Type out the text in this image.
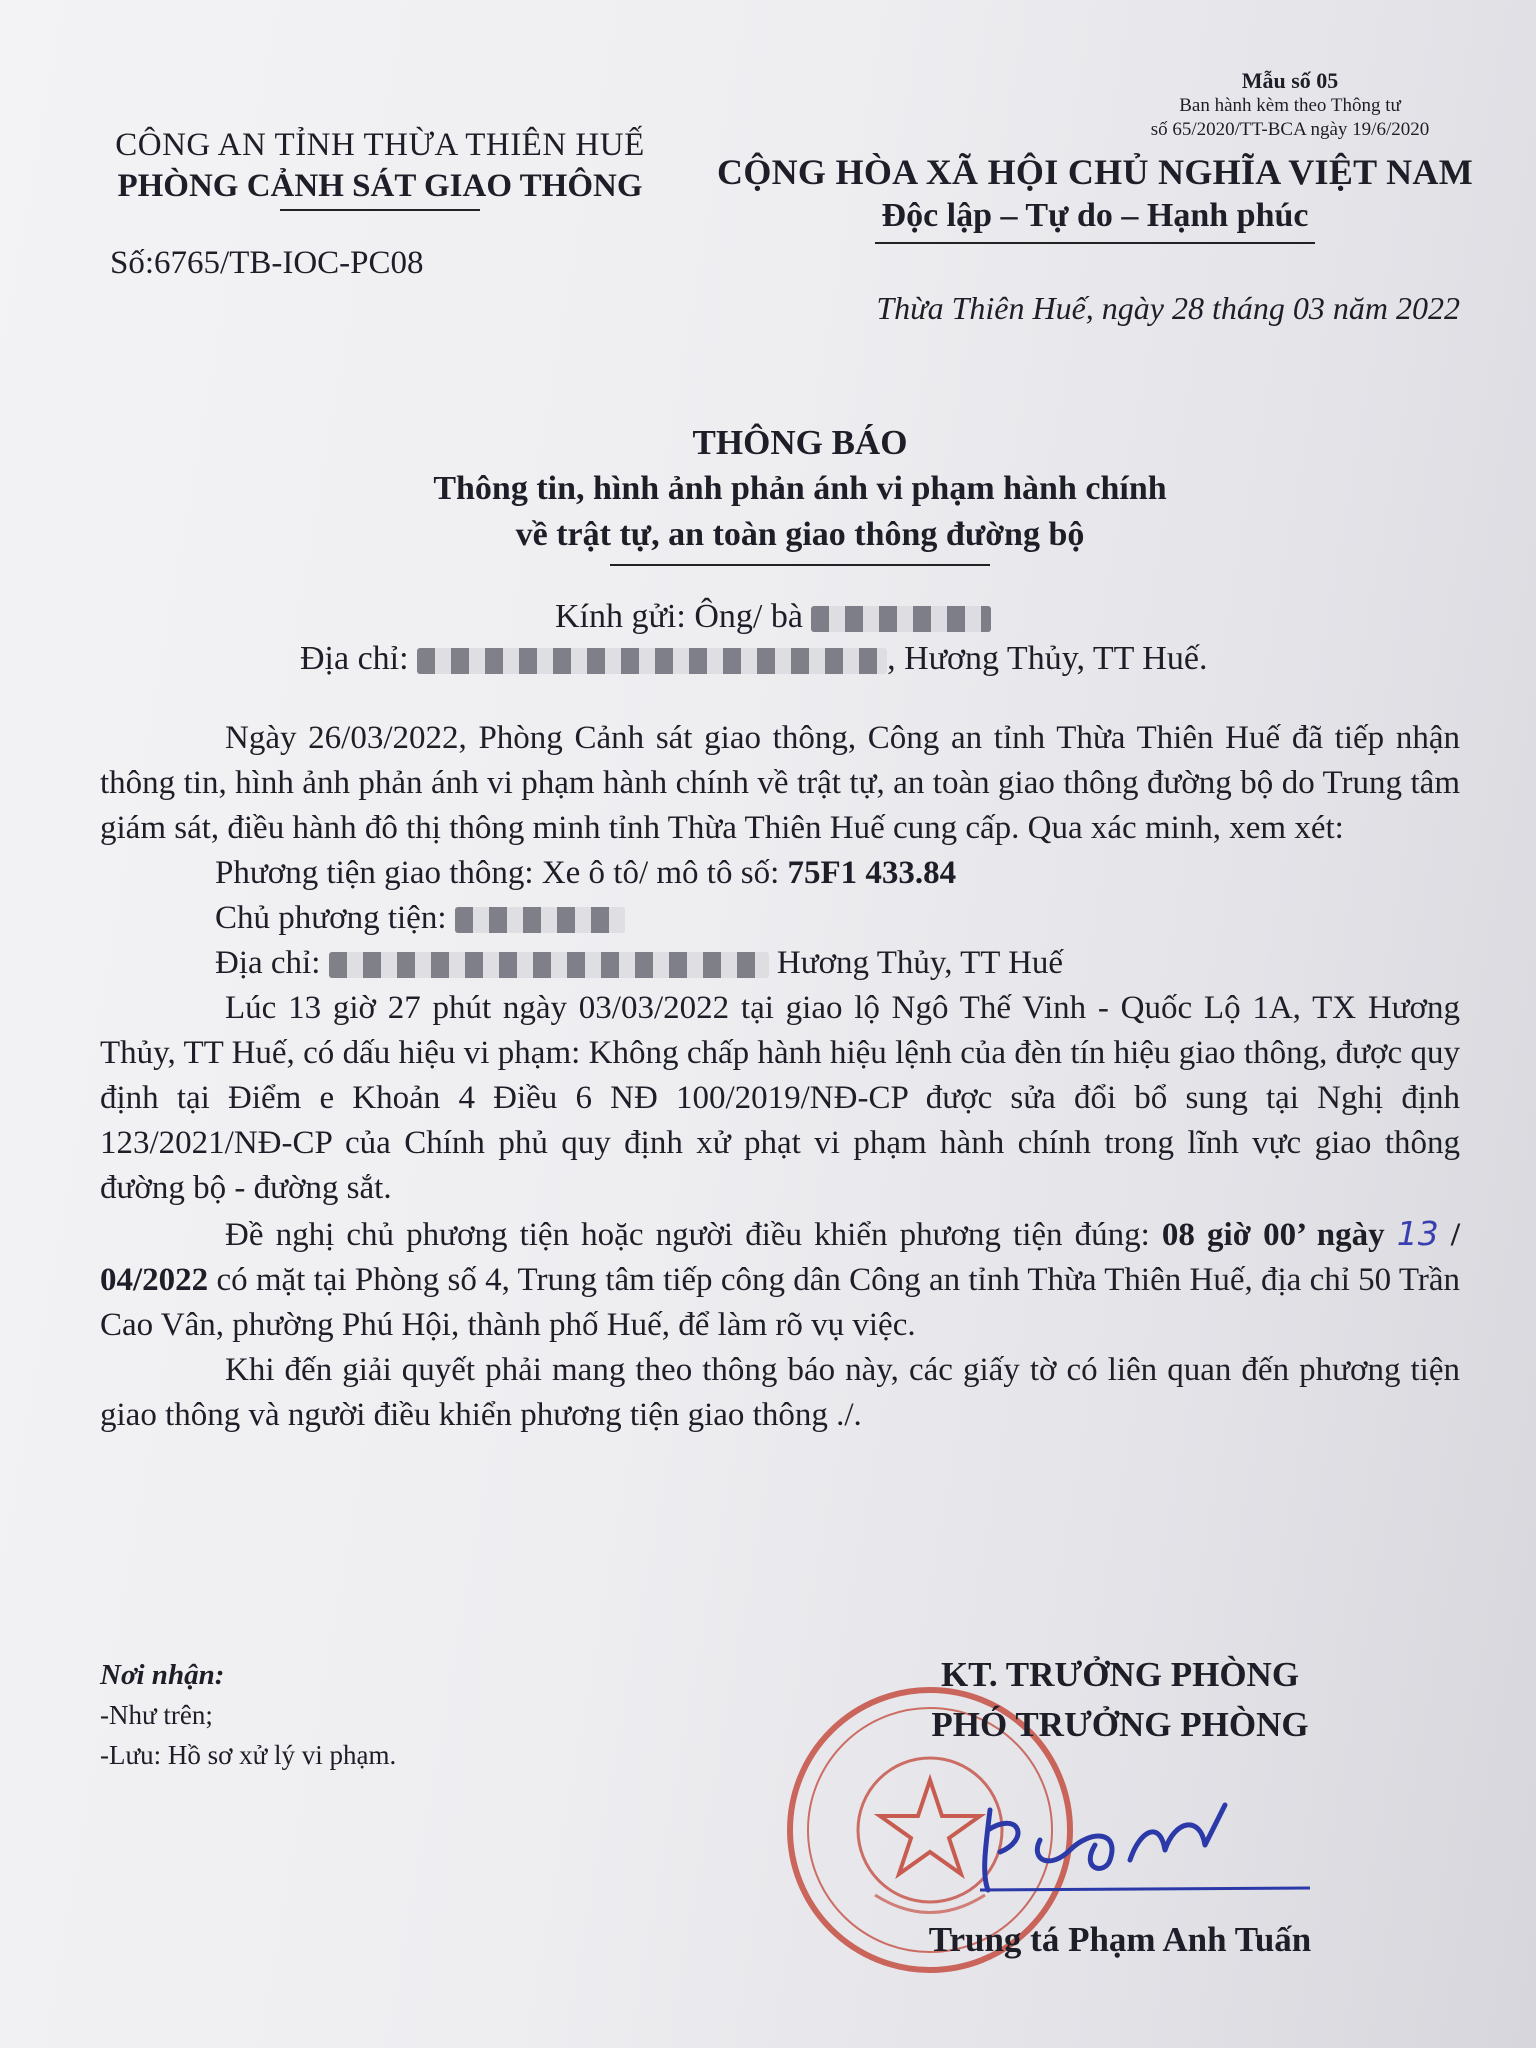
Mẫu số 05
Ban hành kèm theo Thông tư
số 65/2020/TT-BCA ngày 19/6/2020
CÔNG AN TỈNH THỪA THIÊN HUẾ
PHÒNG CẢNH SÁT GIAO THÔNG
Số:6765/TB-IOC-PC08
CỘNG HÒA XÃ HỘI CHỦ NGHĨA VIỆT NAM
Độc lập – Tự do – Hạnh phúc
Thừa Thiên Huế, ngày 28 tháng 03 năm 2022
THÔNG BÁO
Thông tin, hình ảnh phản ánh vi phạm hành chính
về trật tự, an toàn giao thông đường bộ
Kính gửi: Ông/ bà
Địa chỉ:	, Hương Thủy, TT Huế.

Ngày 26/03/2022, Phòng Cảnh sát giao thông, Công an tỉnh Thừa Thiên Huế đã tiếp nhận thông tin, hình ảnh phản ánh vi phạm hành chính về trật tự, an toàn giao thông đường bộ do Trung tâm giám sát, điều hành đô thị thông minh tỉnh Thừa Thiên Huế cung cấp. Qua xác minh, xem xét:

Phương tiện giao thông: Xe ô tô/ mô tô số: 75F1 433.84

Chủ phương tiện:

Địa chỉ:	Hương Thủy, TT Huế

Lúc 13 giờ 27 phút ngày 03/03/2022 tại giao lộ Ngô Thế Vinh - Quốc Lộ 1A, TX Hương Thủy, TT Huế, có dấu hiệu vi phạm: Không chấp hành hiệu lệnh của đèn tín hiệu giao thông, được quy định tại Điểm e Khoản 4 Điều 6 NĐ 100/2019/NĐ-CP được sửa đổi bổ sung tại Nghị định 123/2021/NĐ-CP của Chính phủ quy định xử phạt vi phạm hành chính trong lĩnh vực giao thông đường bộ - đường sắt.

Đề nghị chủ phương tiện hoặc người điều khiển phương tiện đúng: 08 giờ 00’ ngày 13 / 04/2022 có mặt tại Phòng số 4, Trung tâm tiếp công dân Công an tỉnh Thừa Thiên Huế, địa chỉ 50 Trần Cao Vân, phường Phú Hội, thành phố Huế, để làm rõ vụ việc.

Khi đến giải quyết phải mang theo thông báo này, các giấy tờ có liên quan đến phương tiện giao thông và người điều khiển phương tiện giao thông ./.

Nơi nhận:
-Như trên;
-Lưu: Hồ sơ xử lý vi phạm.
KT. TRƯỞNG PHÒNG
PHÓ TRƯỞNG PHÒNG
Trung tá Phạm Anh Tuấn
